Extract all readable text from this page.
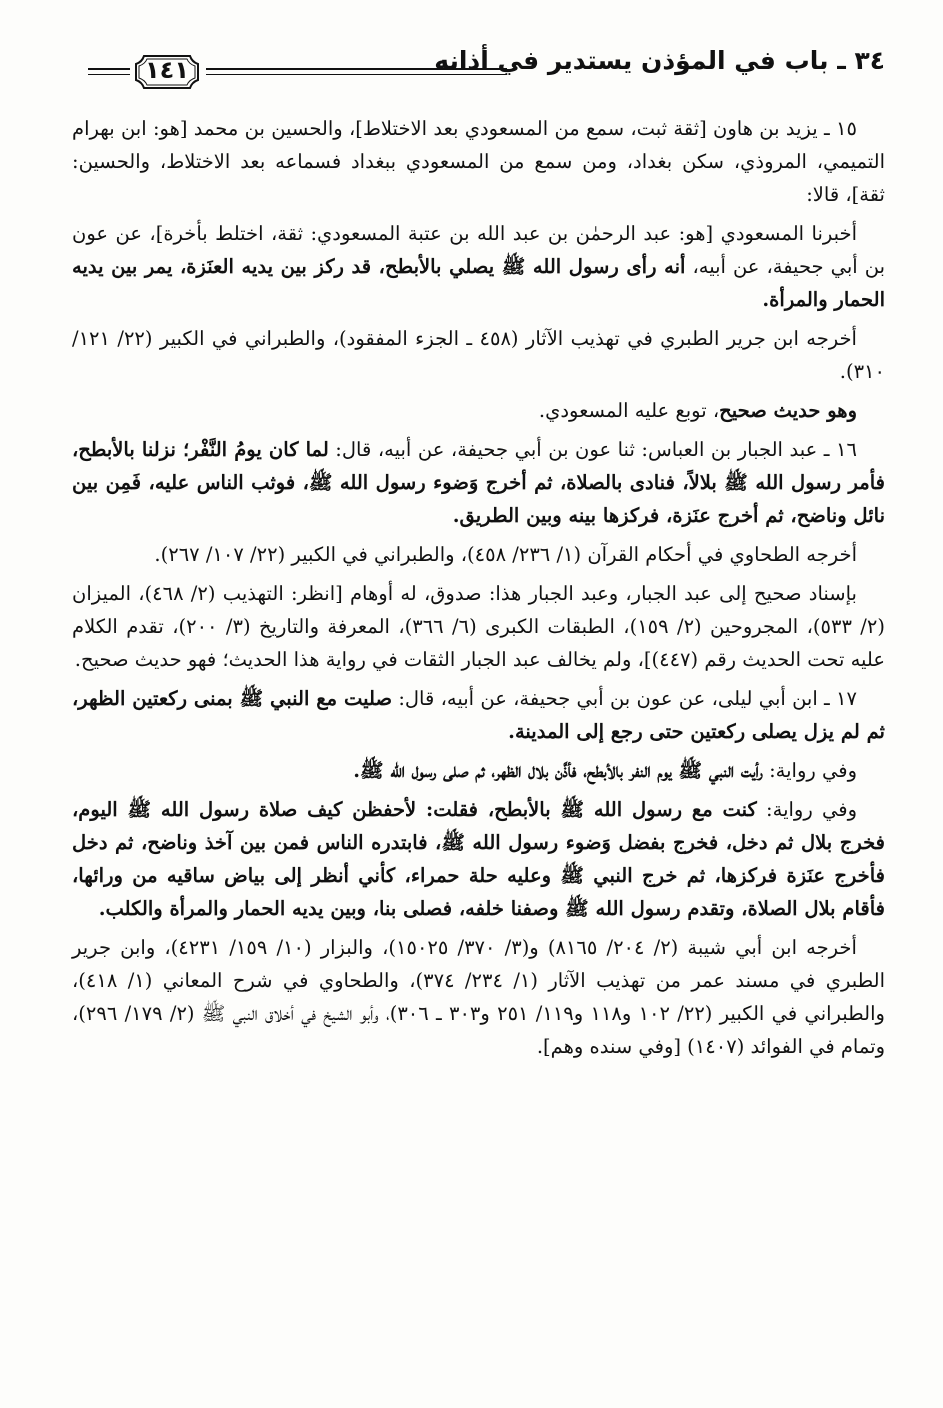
٣٤ ـ باب في المؤذن يستدير في أذانه
١٤١

١٥ ـ يزيد بن هاون [ثقة ثبت، سمع من المسعودي بعد الاختلاط]، والحسين بن محمد [هو: ابن بهرام التميمي، المروذي، سكن بغداد، ومن سمع من المسعودي ببغداد فسماعه بعد الاختلاط، والحسين: ثقة]، قالا:

أخبرنا المسعودي [هو: عبد الرحمٰن بن عبد الله بن عتبة المسعودي: ثقة، اختلط بأخرة]، عن عون بن أبي جحيفة، عن أبيه، أنه رأى رسول الله ﷺ يصلي بالأبطح، قد ركز بين يديه العنَزة، يمر بين يديه الحمار والمرأة.

أخرجه ابن جرير الطبري في تهذيب الآثار (٤٥٨ ـ الجزء المفقود)، والطبراني في الكبير (٢٢/ ١٢١/ ٣١٠).

وهو حديث صحيح، توبع عليه المسعودي.

١٦ ـ عبد الجبار بن العباس: ثنا عون بن أبي جحيفة، عن أبيه، قال: لما كان يومُ النَّفْر؛ نزلنا بالأبطح، فأمر رسول الله ﷺ بلالاً، فنادى بالصلاة، ثم أخرج وَضوء رسول الله ﷺ، فوثب الناس عليه، فَمِن بين نائل وناضح، ثم أخرج عنَزة، فركزها بينه وبين الطريق.

أخرجه الطحاوي في أحكام القرآن (١/ ٢٣٦/ ٤٥٨)، والطبراني في الكبير (٢٢/ ١٠٧/ ٢٦٧).

بإسناد صحيح إلى عبد الجبار، وعبد الجبار هذا: صدوق، له أوهام [انظر: التهذيب (٢/ ٤٦٨)، الميزان (٢/ ٥٣٣)، المجروحين (٢/ ١٥٩)، الطبقات الكبرى (٦/ ٣٦٦)، المعرفة والتاريخ (٣/ ٢٠٠)، تقدم الكلام عليه تحت الحديث رقم (٤٤٧)]، ولم يخالف عبد الجبار الثقات في رواية هذا الحديث؛ فهو حديث صحيح.

١٧ ـ ابن أبي ليلى، عن عون بن أبي جحيفة، عن أبيه، قال: صليت مع النبي ﷺ بمنى ركعتين الظهر، ثم لم يزل يصلى ركعتين حتى رجع إلى المدينة.

وفي رواية: رأيت النبي ﷺ يوم النفر بالأبطح، فأذَّن بلال الظهر، ثم صلى رسول الله ﷺ.

وفي رواية: كنت مع رسول الله ﷺ بالأبطح، فقلت: لأحفظن كيف صلاة رسول الله ﷺ اليوم، فخرج بلال ثم دخل، فخرج بفضل وَضوء رسول الله ﷺ، فابتدره الناس فمن بين آخذ وناضح، ثم دخل فأخرج عنَزة فركزها، ثم خرج النبي ﷺ وعليه حلة حمراء، كأني أنظر إلى بياض ساقيه من ورائها، فأقام بلال الصلاة، وتقدم رسول الله ﷺ وصفنا خلفه، فصلى بنا، وبين يديه الحمار والمرأة والكلب.

أخرجه ابن أبي شيبة (٢/ ٢٠٤/ ٨١٦٥) و(٣/ ٣٧٠/ ١٥٠٢٥)، والبزار (١٠/ ١٥٩/ ٤٢٣١)، وابن جرير الطبري في مسند عمر من تهذيب الآثار (١/ ٢٣٤/ ٣٧٤)، والطحاوي في شرح المعاني (١/ ٤١٨)، والطبراني في الكبير (٢٢/ ١٠٢ و١١٨ و١١٩/ ٢٥١ و٣٠٣ ـ ٣٠٦)، وأبو الشيخ في أخلاق النبي ﷺ (٢/ ١٧٩/ ٢٩٦)، وتمام في الفوائد (١٤٠٧) [وفي سنده وهم].
